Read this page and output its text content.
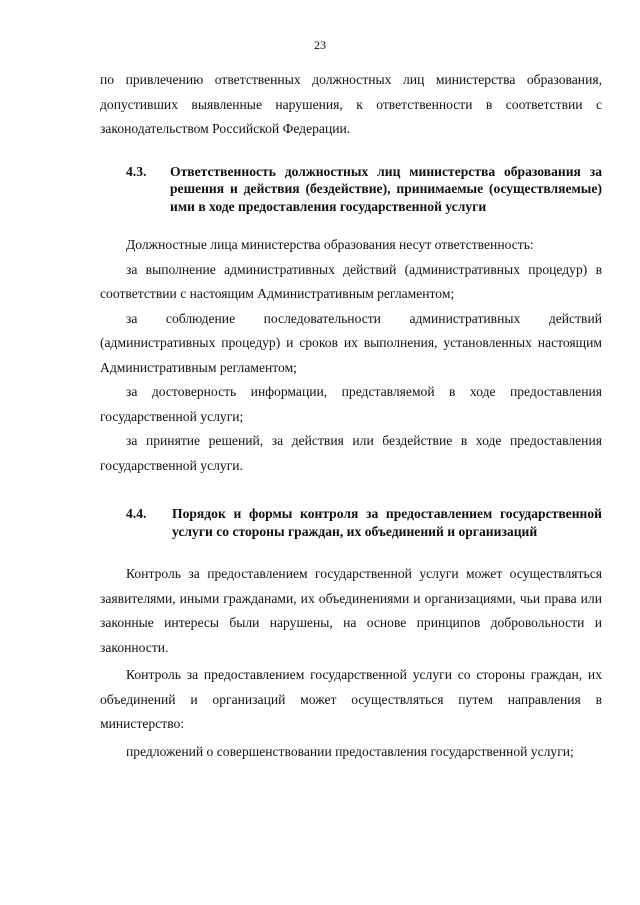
23

по привлечению ответственных должностных лиц министерства образования, допустивших выявленные нарушения, к ответственности в соответствии с законодательством Российской Федерации.

4.3.	Ответственность должностных лиц министерства образования за решения и действия (бездействие), принимаемые (осуществляемые) ими в ходе предоставления государственной услуги

Должностные лица министерства образования несут ответственность:

за выполнение административных действий (административных процедур) в соответствии с настоящим Административным регламентом;

за соблюдение последовательности административных действий (административных процедур) и сроков их выполнения, установленных настоящим Административным регламентом;

за достоверность информации, представляемой в ходе предоставления государственной услуги;

за принятие решений, за действия или бездействие в ходе предоставления государственной услуги.

4.4.	Порядок и формы контроля за предоставлением государственной услуги со стороны граждан, их объединений и организаций

Контроль за предоставлением государственной услуги может осуществляться заявителями, иными гражданами, их объединениями и организациями, чьи права или законные интересы были нарушены, на основе принципов добровольности и законности.

Контроль за предоставлением государственной услуги со стороны граждан, их объединений и организаций может осуществляться путем направления в министерство:

предложений о совершенствовании предоставления государственной услуги;
